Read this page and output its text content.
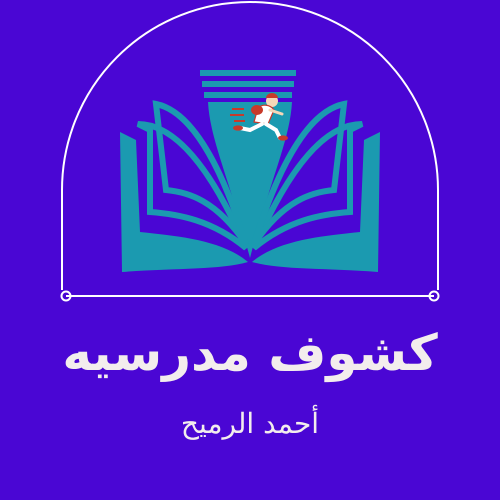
كشوف مدرسيه
أحمد الرميح
